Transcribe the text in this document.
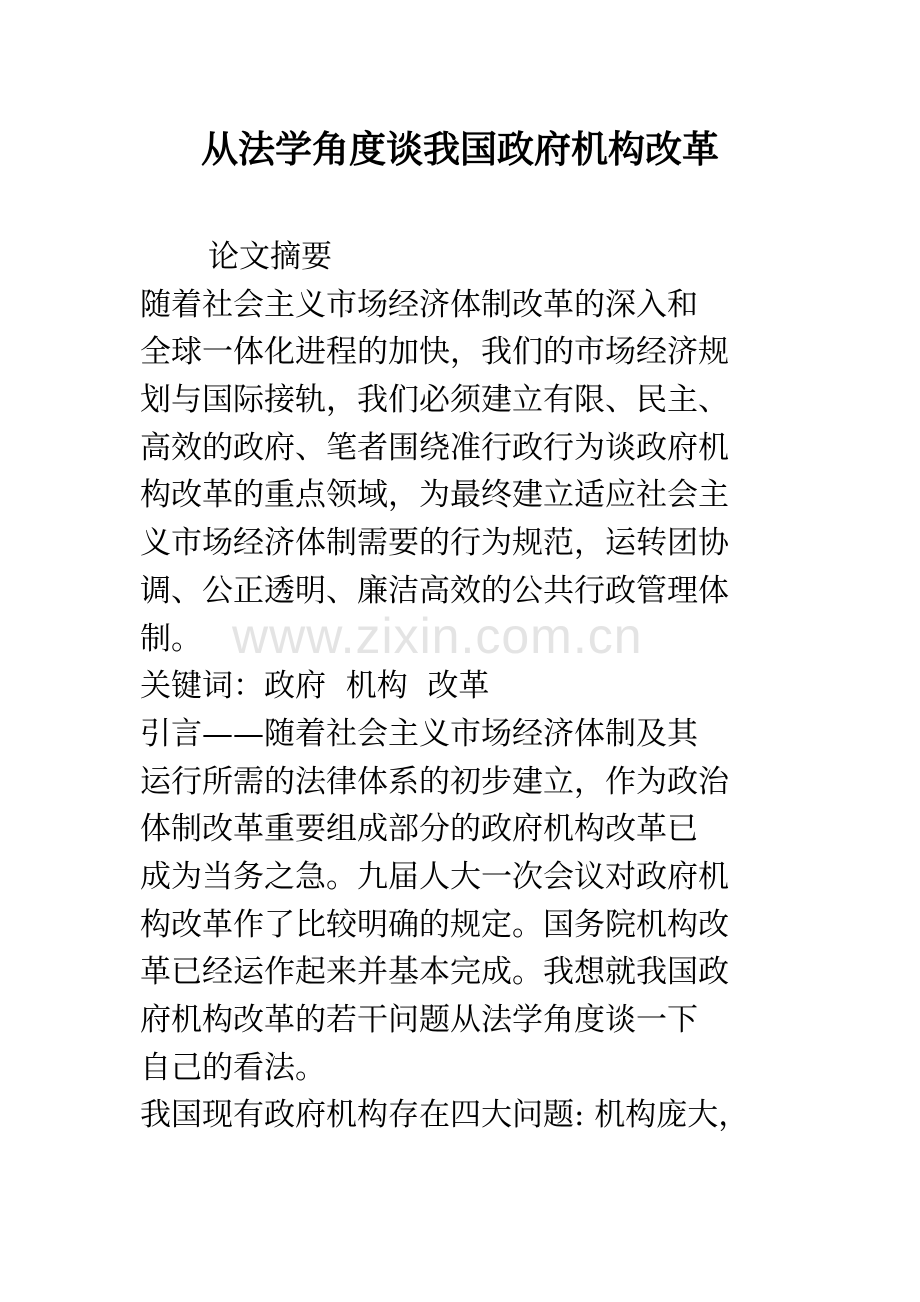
从法学角度谈我国政府机构改革

论文摘要

随着社会主义市场经济体制改革的深入和

全球一体化进程的加快，我们的市场经济规

划与国际接轨，我们必须建立有限、民主、

高效的政府、笔者围绕准行政行为谈政府机

构改革的重点领域，为最终建立适应社会主

义市场经济体制需要的行为规范，运转团协

调、公正透明、廉洁高效的公共行政管理体

制。

关键词：政府  机构  改革

引言——随着社会主义市场经济体制及其

运行所需的法律体系的初步建立，作为政治

体制改革重要组成部分的政府机构改革已

成为当务之急。九届人大一次会议对政府机

构改革作了比较明确的规定。国务院机构改

革已经运作起来并基本完成。我想就我国政

府机构改革的若干问题从法学角度谈一下

自己的看法。

我国现有政府机构存在四大问题: 机构庞大，

www.zixin.com.cn
